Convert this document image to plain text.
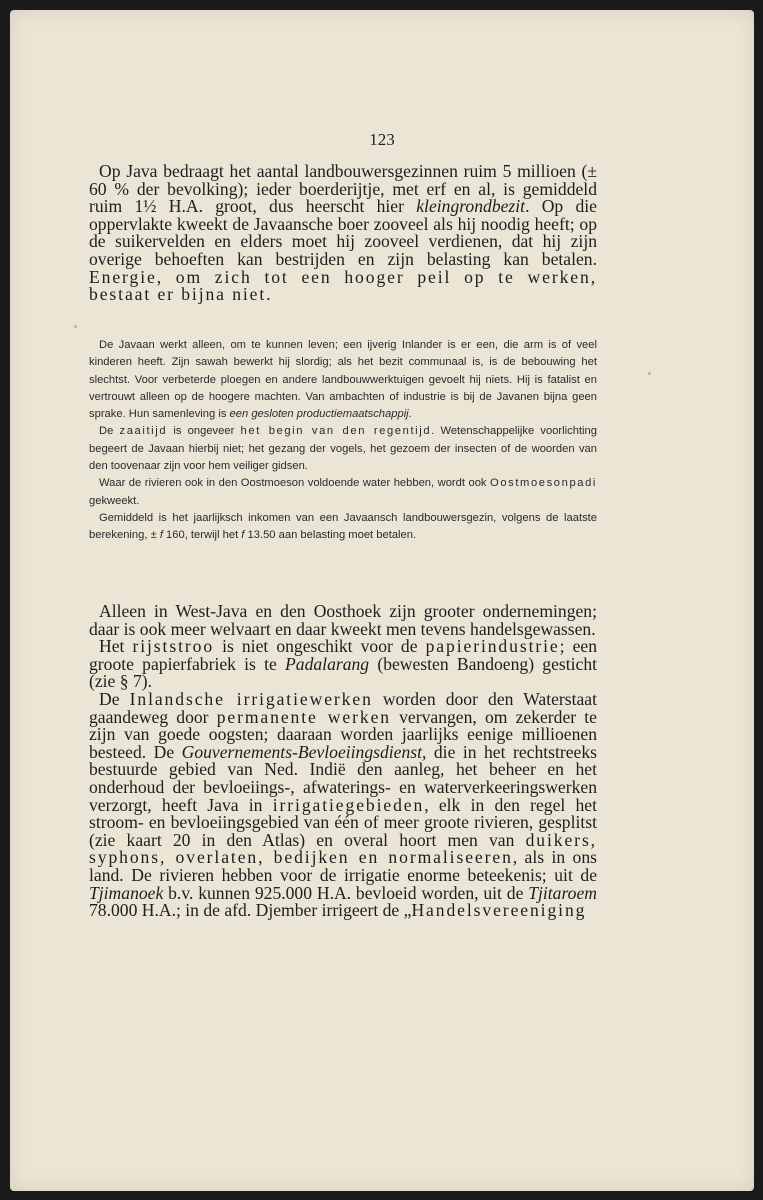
123

Op Java bedraagt het aantal landbouwersgezinnen ruim 5 millioen (± 60 % der bevolking); ieder boerderijtje, met erf en al, is gemiddeld ruim 1½ H.A. groot, dus heerscht hier kleingrondbezit. Op die oppervlakte kweekt de Javaansche boer zooveel als hij noodig heeft; op de suikervelden en elders moet hij zooveel verdienen, dat hij zijn overige behoeften kan bestrijden en zijn belasting kan betalen. Energie, om zich tot een hooger peil op te werken, bestaat er bijna niet.

De Javaan werkt alleen, om te kunnen leven; een ijverig Inlander is er een, die arm is of veel kinderen heeft. Zijn sawah bewerkt hij slordig; als het bezit communaal is, is de bebouwing het slechtst. Voor verbeterde ploegen en andere landbouwwerktuigen gevoelt hij niets. Hij is fatalist en vertrouwt alleen op de hoogere machten. Van ambachten of industrie is bij de Javanen bijna geen sprake. Hun samenleving is een gesloten productiemaatschappij.

De zaaitijd is ongeveer het begin van den regentijd. Wetenschappelijke voorlichting begeert de Javaan hierbij niet; het gezang der vogels, het gezoem der insecten of de woorden van den toovenaar zijn voor hem veiliger gidsen.

Waar de rivieren ook in den Oostmoeson voldoende water hebben, wordt ook Oostmoesonpadi gekweekt.

Gemiddeld is het jaarlijksch inkomen van een Javaansch landbouwersgezin, volgens de laatste berekening, ± f 160, terwijl het f 13.50 aan belasting moet betalen.

Alleen in West-Java en den Oosthoek zijn grooter ondernemingen; daar is ook meer welvaart en daar kweekt men tevens handelsgewassen.

Het rijststroo is niet ongeschikt voor de papierindustrie; een groote papierfabriek is te Padalarang (bewesten Bandoeng) gesticht (zie § 7).

De Inlandsche irrigatiewerken worden door den Waterstaat gaandeweg door permanente werken vervangen, om zekerder te zijn van goede oogsten; daaraan worden jaarlijks eenige millioenen besteed. De Gouvernements-Bevloeiingsdienst, die in het rechtstreeks bestuurde gebied van Ned. Indië den aanleg, het beheer en het onderhoud der bevloeiings-, afwaterings- en waterverkeeringswerken verzorgt, heeft Java in irrigatiegebieden, elk in den regel het stroom- en bevloeiingsgebied van één of meer groote rivieren, gesplitst (zie kaart 20 in den Atlas) en overal hoort men van duikers, syphons, overlaten, bedijken en normaliseeren, als in ons land. De rivieren hebben voor de irrigatie enorme beteekenis; uit de Tjimanoek b.v. kunnen 925.000 H.A. bevloeid worden, uit de Tjitaroem 78.000 H.A.; in de afd. Djember irrigeert de „Handelsvereeniging
